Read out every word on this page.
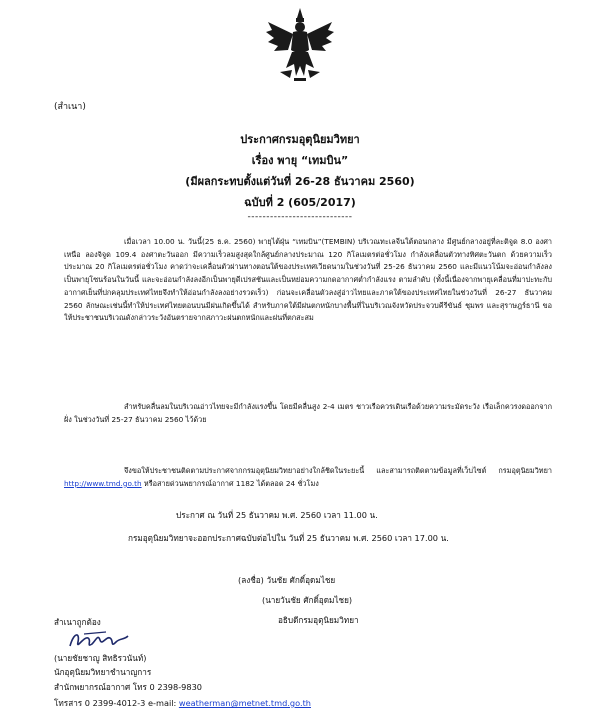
(สำเนา)
ประกาศกรมอุตุนิยมวิทยา
เรื่อง พายุ “เทมบิน”
(มีผลกระทบตั้งแต่วันที่ 26-28 ธันวาคม 2560)
ฉบับที่ 2 (605/2017)
----------------------------
เมื่อเวลา 10.00 น. วันนี้(25 ธ.ค. 2560) พายุไต้ฝุ่น “เทมบิน”(TEMBIN) บริเวณทะเลจีนใต้ตอนกลาง มีศูนย์กลางอยู่ที่ละติจูด 8.0 องศาเหนือ ลองจิจูด 109.4 องศาตะวันออก มีความเร็วลมสูงสุดใกล้ศูนย์กลางประมาณ 120 กิโลเมตรต่อชั่วโมง กำลังเคลื่อนตัวทางทิศตะวันตก ด้วยความเร็วประมาณ 20 กิโลเมตรต่อชั่วโมง คาดว่าจะเคลื่อนตัวผ่านทางตอนใต้ของประเทศเวียดนามในช่วงวันที่ 25-26 ธันวาคม 2560 และมีแนวโน้มจะอ่อนกำลังลงเป็นพายุโซนร้อนในวันนี้ และจะอ่อนกำลังลงอีกเป็นพายุดีเปรสชันและเป็นหย่อมความกดอากาศต่ำกำลังแรง ตามลำดับ (ทั้งนี้เนื่องจากพายุเคลื่อนที่มาปะทะกับอากาศเย็นที่ปกคลุมประเทศไทยจึงทำให้อ่อนกำลังลงอย่างรวดเร็ว) ก่อนจะเคลื่อนตัวลงสู่อ่าวไทยและภาคใต้ของประเทศไทยในช่วงวันที่ 26-27 ธันวาคม 2560 ลักษณะเช่นนี้ทำให้ประเทศไทยตอนบนมีฝนเกิดขึ้นได้ สำหรับภาคใต้มีฝนตกหนักบางพื้นที่ในบริเวณจังหวัดประจวบคีรีขันธ์ ชุมพร และสุราษฎร์ธานี ขอให้ประชาชนบริเวณดังกล่าวระวังอันตรายจากสภาวะฝนตกหนักและฝนที่ตกสะสม
สำหรับคลื่นลมในบริเวณอ่าวไทยจะมีกำลังแรงขึ้น โดยมีคลื่นสูง 2-4 เมตร ชาวเรือควรเดินเรือด้วยความระมัดระวัง เรือเล็กควรงดออกจากฝั่ง ในช่วงวันที่ 25-27 ธันวาคม 2560 ไว้ด้วย
จึงขอให้ประชาชนติดตามประกาศจากกรมอุตุนิยมวิทยาอย่างใกล้ชิดในระยะนี้ และสามารถติดตามข้อมูลที่เว็บไซต์ กรมอุตุนิยมวิทยา http://www.tmd.go.th หรือสายด่วนพยากรณ์อากาศ 1182 ได้ตลอด 24 ชั่วโมง
ประกาศ ณ วันที่ 25 ธันวาคม พ.ศ. 2560 เวลา 11.00 น.
กรมอุตุนิยมวิทยาจะออกประกาศฉบับต่อไปใน วันที่ 25 ธันวาคม พ.ศ. 2560 เวลา 17.00 น.
(ลงชื่อ) วันชัย ศักดิ์อุดมไชย
(นายวันชัย ศักดิ์อุดมไชย)
อธิบดีกรมอุตุนิยมวิทยา
สำเนาถูกต้อง
(นายชัยชาญู สิทธิรวนันท์)
นักอุตุนิยมวิทยาชำนาญการ
สำนักพยากรณ์อากาศ โทร 0 2398-9830
โทรสาร 0 2399-4012-3 e-mail: weatherman@metnet.tmd.go.th
